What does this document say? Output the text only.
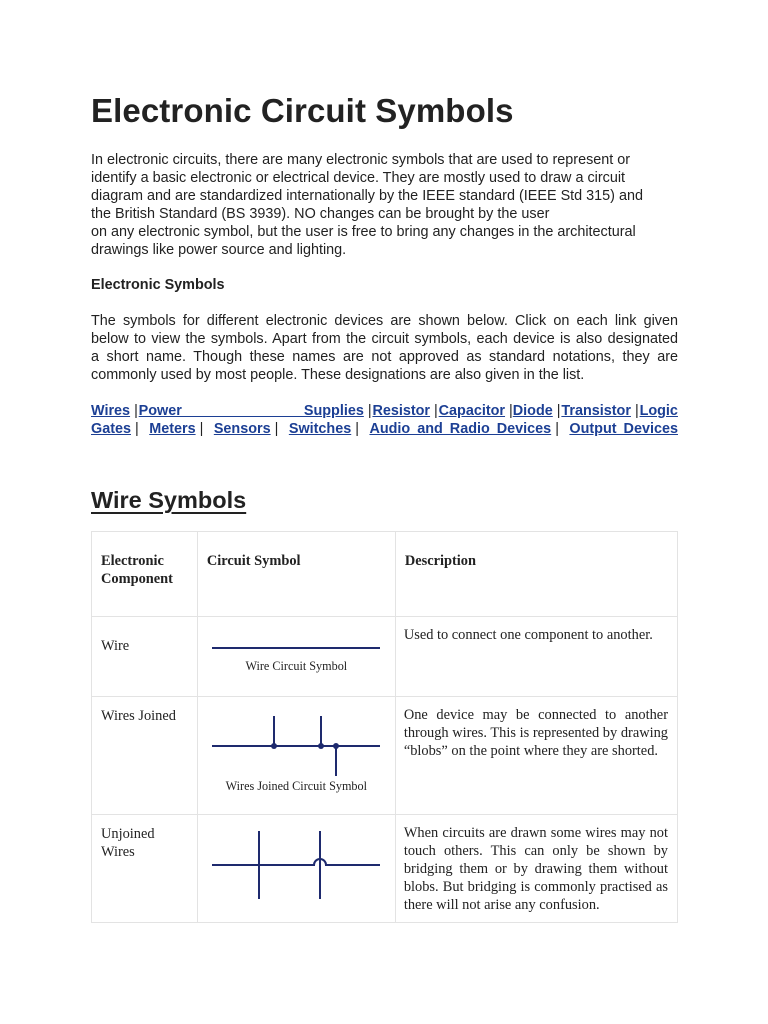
Electronic Circuit Symbols

In electronic circuits, there are many electronic symbols that are used to represent or
identify a basic electronic or electrical device. They are mostly used to draw a circuit
diagram and are standardized internationally by the IEEE standard (IEEE Std 315) and
the British Standard (BS 3939). NO changes can be brought by the user
on any electronic symbol, but the user is free to bring any changes in the architectural
drawings like power source and lighting.

Electronic Symbols

The symbols for different electronic devices are shown below. Click on each link given
below to view the symbols. Apart from the circuit symbols, each device is also designated
a short name. Though these names are not approved as standard notations, they are
commonly used by most people. These designations are also given in the list.

Wires | Power Supplies | Resistor | Capacitor |Diode | Transistor | Logic
Gates | Meters | Sensors | Switches | Audio and Radio Devices | Output Devices
Wire Symbols
Electronic Component	Circuit Symbol	Description

Wire	Wire Circuit Symbol	Used to connect one component to another.

Wires Joined	Wires Joined Circuit Symbol	One device may be connected to another through wires. This is represented by drawing “blobs” on the point where they are shorted.

Unjoined Wires		When circuits are drawn some wires may not touch others. This can only be shown by bridging them or by drawing them without blobs. But bridging is commonly practised as there will not arise any confusion.
